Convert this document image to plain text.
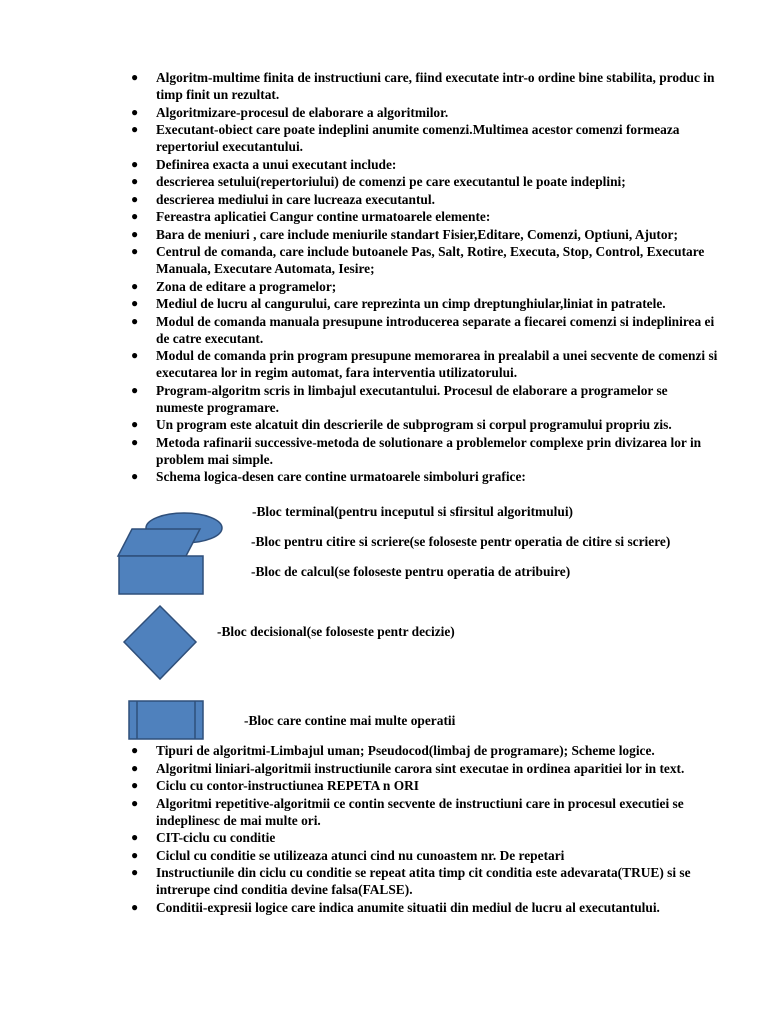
● Algoritm-multime finita de instructiuni care, fiind executate intr-o ordine bine stabilita, produc in timp finit un rezultat.
● Algoritmizare-procesul de elaborare a algoritmilor.
● Executant-obiect care poate indeplini anumite comenzi.Multimea acestor comenzi formeaza repertoriul executantului.
● Definirea exacta a unui executant include:
● descrierea setului(repertoriului) de comenzi pe care executantul le poate indeplini;
● descrierea mediului in care lucreaza executantul.
● Fereastra aplicatiei Cangur contine urmatoarele elemente:
● Bara de meniuri , care include meniurile standart Fisier,Editare, Comenzi, Optiuni, Ajutor;
● Centrul de comanda, care include butoanele Pas, Salt, Rotire, Executa, Stop, Control, Executare Manuala, Executare Automata, Iesire;
● Zona de editare a programelor;
● Mediul de lucru al cangurului, care reprezinta un cimp dreptunghiular,liniat in patratele.
● Modul de comanda manuala presupune introducerea separate a fiecarei comenzi si indeplinirea ei de catre executant.
● Modul de comanda prin program presupune memorarea in prealabil a unei secvente de comenzi si executarea lor in regim automat, fara interventia utilizatorului.
● Program-algoritm scris in limbajul executantului. Procesul de elaborare a programelor se numeste programare.
● Un program este alcatuit din descrierile de subprogram si corpul programului propriu zis.
● Metoda rafinarii successive-metoda de solutionare a problemelor complexe prin divizarea lor in problem mai simple.
● Schema logica-desen care contine urmatoarele simboluri grafice:
-Bloc terminal(pentru inceputul si sfirsitul algoritmului)
-Bloc pentru citire si scriere(se foloseste pentr operatia de citire si scriere)
-Bloc de calcul(se foloseste pentru operatia de atribuire)
-Bloc decisional(se foloseste pentr decizie)
-Bloc care contine mai multe operatii
● Tipuri de algoritmi-Limbajul uman; Pseudocod(limbaj de programare); Scheme logice.
● Algoritmi liniari-algoritmii instructiunile carora sint executae in ordinea aparitiei lor in text.
● Ciclu cu contor-instructiunea REPETA n ORI
● Algoritmi repetitive-algoritmii ce contin secvente de instructiuni care in procesul executiei se indeplinesc de mai multe ori.
● CIT-ciclu cu conditie
● Ciclul cu conditie se utilizeaza atunci cind nu cunoastem nr. De repetari
● Instructiunile din ciclu cu conditie se repeat atita timp cit conditia este adevarata(TRUE) si se intrerupe cind conditia devine falsa(FALSE).
● Conditii-expresii logice care indica anumite situatii din mediul de lucru al executantului.
